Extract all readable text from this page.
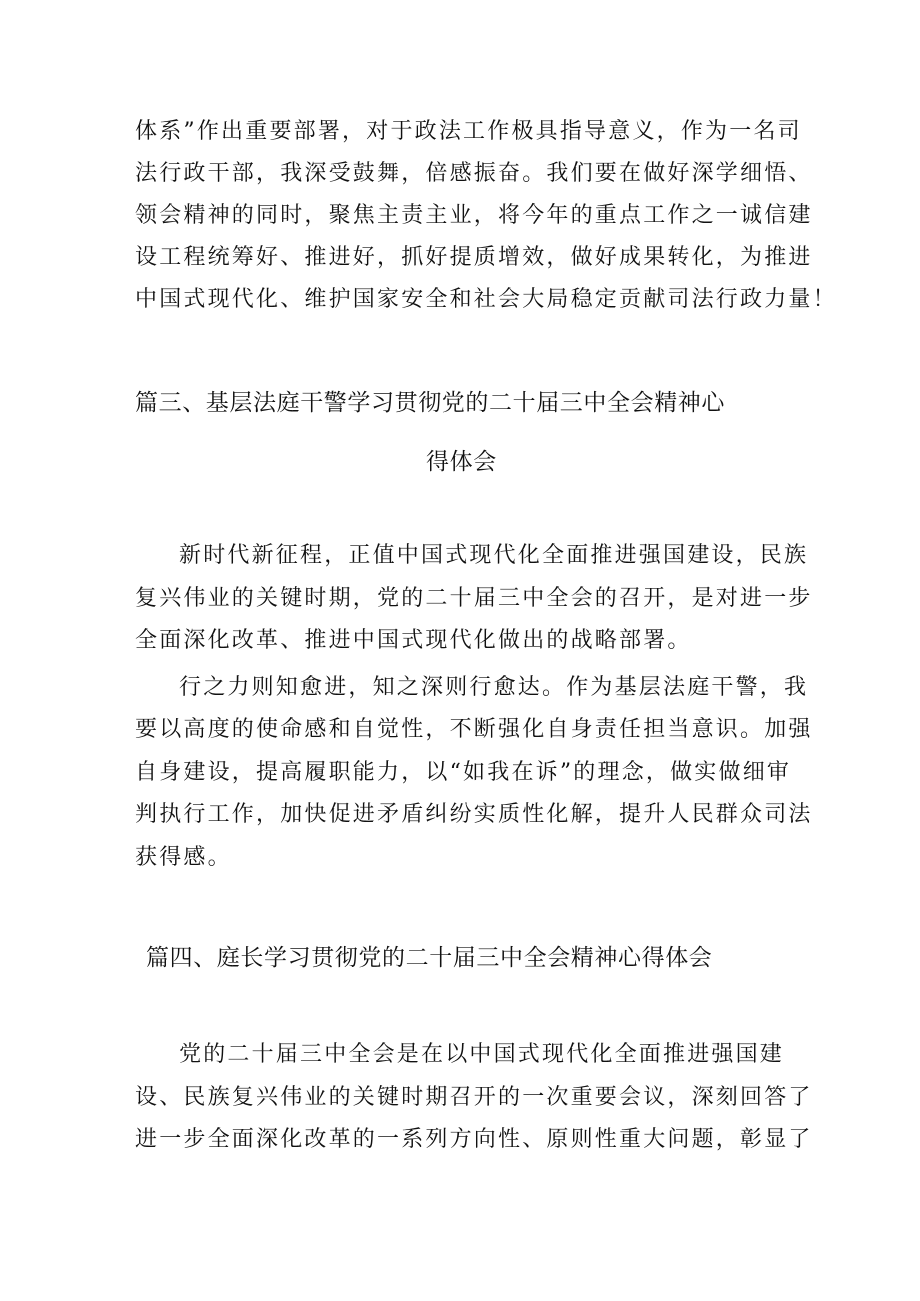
体系”作出重要部署，对于政法工作极具指导意义，作为一名司
法行政干部，我深受鼓舞，倍感振奋。我们要在做好深学细悟、
领会精神的同时，聚焦主责主业，将今年的重点工作之一诚信建
设工程统筹好、推进好，抓好提质增效，做好成果转化，为推进
中国式现代化、维护国家安全和社会大局稳定贡献司法行政力量！
篇三、基层法庭干警学习贯彻党的二十届三中全会精神心
得体会
新时代新征程，正值中国式现代化全面推进强国建设，民族
复兴伟业的关键时期，党的二十届三中全会的召开，是对进一步
全面深化改革、推进中国式现代化做出的战略部署。
行之力则知愈进，知之深则行愈达。作为基层法庭干警，我
要以高度的使命感和自觉性，不断强化自身责任担当意识。加强
自身建设，提高履职能力，以“如我在诉”的理念，做实做细审
判执行工作，加快促进矛盾纠纷实质性化解，提升人民群众司法
获得感。
篇四、庭长学习贯彻党的二十届三中全会精神心得体会
党的二十届三中全会是在以中国式现代化全面推进强国建
设、民族复兴伟业的关键时期召开的一次重要会议，深刻回答了
进一步全面深化改革的一系列方向性、原则性重大问题，彰显了
